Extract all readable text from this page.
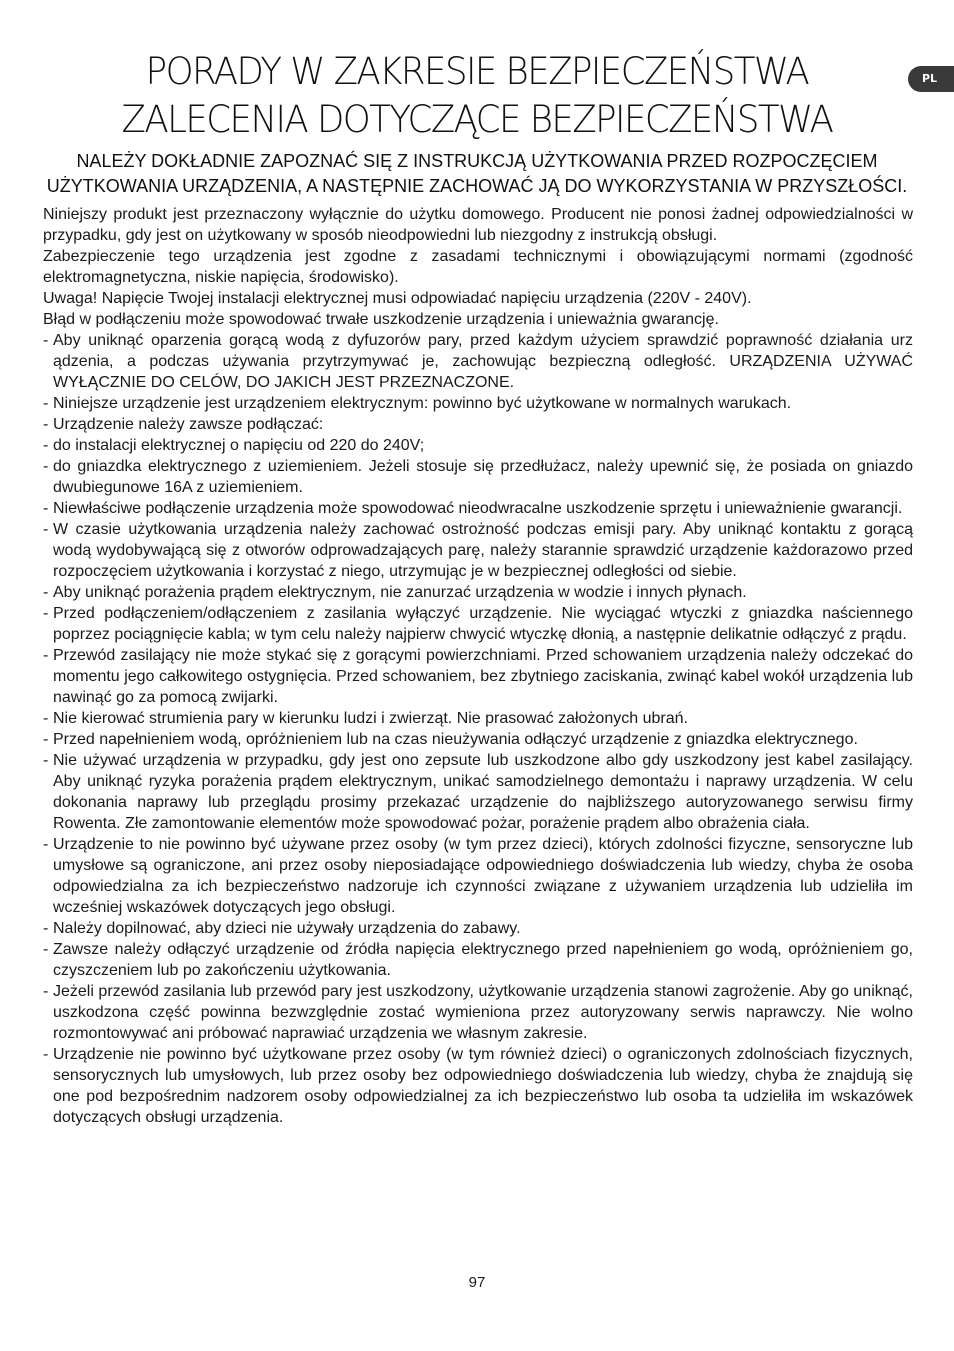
PL
PORADY W ZAKRESIE BEZPIECZEŃSTWA
ZALECENIA DOTYCZĄCE BEZPIECZEŃSTWA
NALEŻY DOKŁADNIE ZAPOZNAĆ SIĘ Z INSTRUKCJĄ UŻYTKOWANIA PRZED ROZPOCZĘCIEM
UŻYTKOWANIA URZĄDZENIA, A NASTĘPNIE ZACHOWAĆ JĄ DO WYKORZYSTANIA W PRZYSZŁOŚCI.

Niniejszy produkt jest przeznaczony wyłącznie do użytku domowego. Producent nie ponosi żadnej odpowiedzialności w przypadku, gdy jest on użytkowany w sposób nieodpowiedni lub niezgodny z instrukcją obsługi.

Zabezpieczenie tego urządzenia jest zgodne z zasadami technicznymi i obowiązującymi normami (zgodność elektromagnetyczna, niskie napięcia, środowisko).

Uwaga! Napięcie Twojej instalacji elektrycznej musi odpowiadać napięciu urządzenia (220V - 240V).

Błąd w podłączeniu może spowodować trwałe uszkodzenie urządzenia i unieważnia gwarancję.

- Aby uniknąć oparzenia gorącą wodą z dyfuzorów pary, przed każdym użyciem sprawdzić poprawność działania urz ądzenia, a podczas używania przytrzymywać je, zachowując bezpieczną odległość. URZĄDZENIA UŻYWAĆ WYŁĄCZNIE DO CELÓW, DO JAKICH JEST PRZEZNACZONE.
- Niniejsze urządzenie jest urządzeniem elektrycznym: powinno być użytkowane w normalnych warukach.
- Urządzenie należy zawsze podłączać:
- do instalacji elektrycznej o napięciu od 220 do 240V;
- do gniazdka elektrycznego z uziemieniem. Jeżeli stosuje się przedłużacz, należy upewnić się, że posiada on gniazdo dwubiegunowe 16A z uziemieniem.
- Niewłaściwe podłączenie urządzenia może spowodować nieodwracalne uszkodzenie sprzętu i unieważnienie gwarancji.
- W czasie użytkowania urządzenia należy zachować ostrożność podczas emisji pary. Aby uniknąć kontaktu z gorącą wodą wydobywającą się z otworów odprowadzających parę, należy starannie sprawdzić urządzenie każdorazowo przed rozpoczęciem użytkowania i korzystać z niego, utrzymując je w bezpiecznej odległości od siebie.
- Aby uniknąć porażenia prądem elektrycznym, nie zanurzać urządzenia w wodzie i innych płynach.
- Przed podłączeniem/odłączeniem z zasilania wyłączyć urządzenie. Nie wyciągać wtyczki z gniazdka naściennego poprzez pociągnięcie kabla; w tym celu należy najpierw chwycić wtyczkę dłonią, a następnie delikatnie odłączyć z prądu.
- Przewód zasilający nie może stykać się z gorącymi powierzchniami. Przed schowaniem urządzenia należy odczekać do momentu jego całkowitego ostygnięcia. Przed schowaniem, bez zbytniego zaciskania, zwinąć kabel wokół urządzenia lub nawinąć go za pomocą zwijarki.
- Nie kierować strumienia pary w kierunku ludzi i zwierząt. Nie prasować założonych ubrań.
- Przed napełnieniem wodą, opróżnieniem lub na czas nieużywania odłączyć urządzenie z gniazdka elektrycznego.
- Nie używać urządzenia w przypadku, gdy jest ono zepsute lub uszkodzone albo gdy uszkodzony jest kabel zasilający. Aby uniknąć ryzyka porażenia prądem elektrycznym, unikać samodzielnego demontażu i naprawy urządzenia. W celu dokonania naprawy lub przeglądu prosimy przekazać urządzenie do najbliższego autoryzowanego serwisu firmy Rowenta. Złe zamontowanie elementów może spowodować pożar, porażenie prądem albo obrażenia ciała.
- Urządzenie to nie powinno być używane przez osoby (w tym przez dzieci), których zdolności fizyczne, sensoryczne lub umysłowe są ograniczone, ani przez osoby nieposiadające odpowiedniego doświadczenia lub wiedzy, chyba że osoba odpowiedzialna za ich bezpieczeństwo nadzoruje ich czynności związane z używaniem urządzenia lub udzieliła im wcześniej wskazówek dotyczących jego obsługi.
- Należy dopilnować, aby dzieci nie używały urządzenia do zabawy.
- Zawsze należy odłączyć urządzenie od źródła napięcia elektrycznego przed napełnieniem go wodą, opróżnieniem go, czyszczeniem lub po zakończeniu użytkowania.
- Jeżeli przewód zasilania lub przewód pary jest uszkodzony, użytkowanie urządzenia stanowi zagrożenie. Aby go uniknąć, uszkodzona część powinna bezwzględnie zostać wymieniona przez autoryzowany serwis naprawczy. Nie wolno rozmontowywać ani próbować naprawiać urządzenia we własnym zakresie.
- Urządzenie nie powinno być użytkowane przez osoby (w tym również dzieci) o ograniczonych zdolnościach fizycznych, sensorycznych lub umysłowych, lub przez osoby bez odpowiedniego doświadczenia lub wiedzy, chyba że znajdują się one pod bezpośrednim nadzorem osoby odpowiedzialnej za ich bezpieczeństwo lub osoba ta udzieliła im wskazówek dotyczących obsługi urządzenia.
97
